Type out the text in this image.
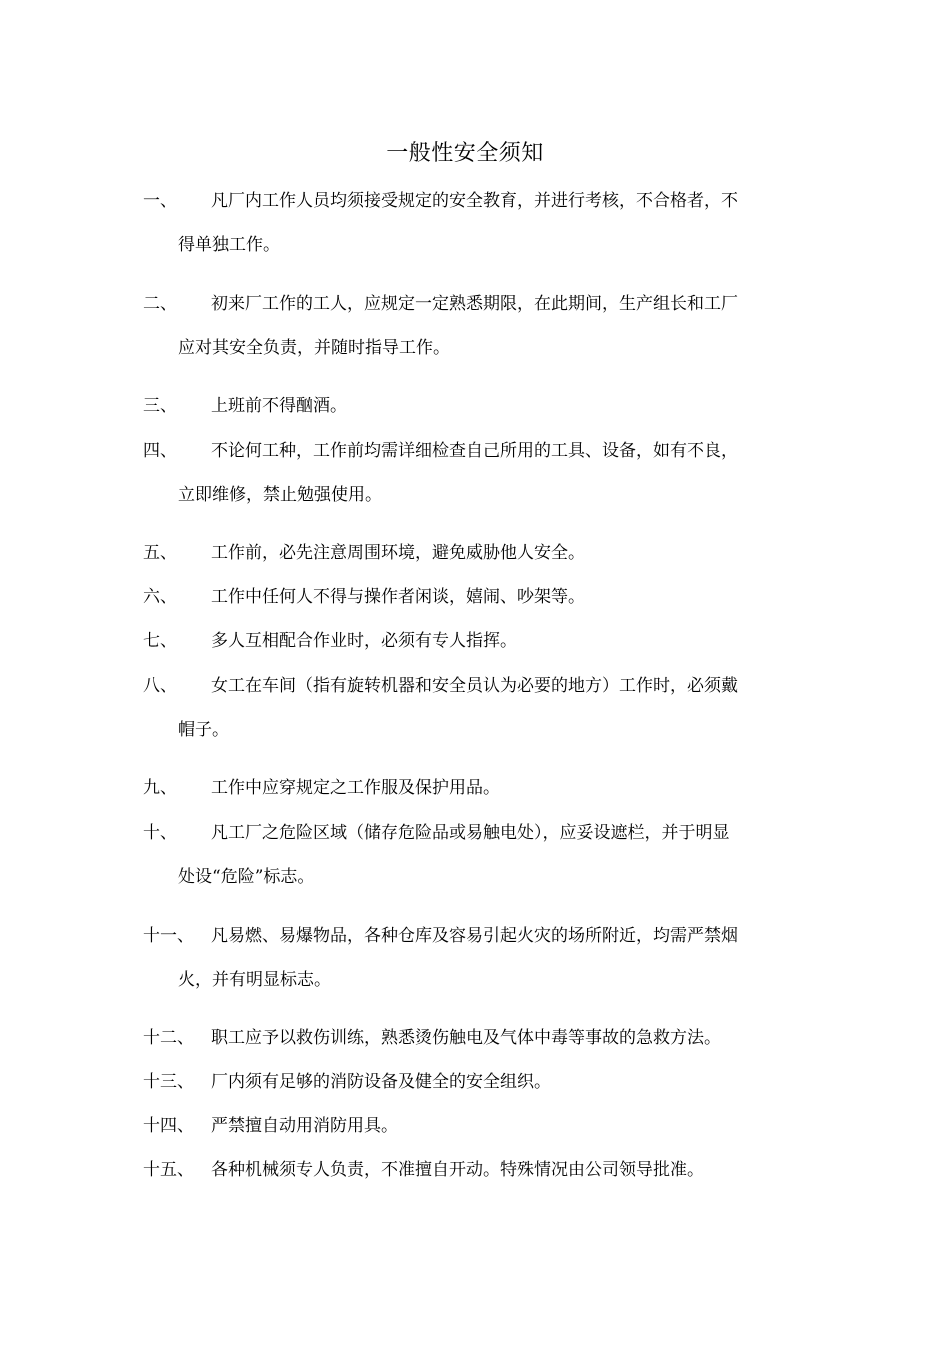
一般性安全须知
一、 凡厂内工作人员均须接受规定的安全教育，并进行考核，不合格者，不
得单独工作。
二、 初来厂工作的工人，应规定一定熟悉期限，在此期间，生产组长和工厂
应对其安全负责，并随时指导工作。
三、 上班前不得酗酒。
四、 不论何工种，工作前均需详细检查自己所用的工具、设备，如有不良，
立即维修，禁止勉强使用。
五、 工作前，必先注意周围环境，避免威胁他人安全。
六、 工作中任何人不得与操作者闲谈，嬉闹、吵架等。
七、 多人互相配合作业时，必须有专人指挥。
八、 女工在车间（指有旋转机器和安全员认为必要的地方）工作时，必须戴
帽子。
九、 工作中应穿规定之工作服及保护用品。
十、 凡工厂之危险区域（储存危险品或易触电处），应妥设遮栏，并于明显
处设“危险”标志。
十一、 凡易燃、易爆物品，各种仓库及容易引起火灾的场所附近，均需严禁烟
火，并有明显标志。
十二、 职工应予以救伤训练，熟悉烫伤触电及气体中毒等事故的急救方法。
十三、 厂内须有足够的消防设备及健全的安全组织。
十四、 严禁擅自动用消防用具。
十五、 各种机械须专人负责，不准擅自开动。特殊情况由公司领导批准。
